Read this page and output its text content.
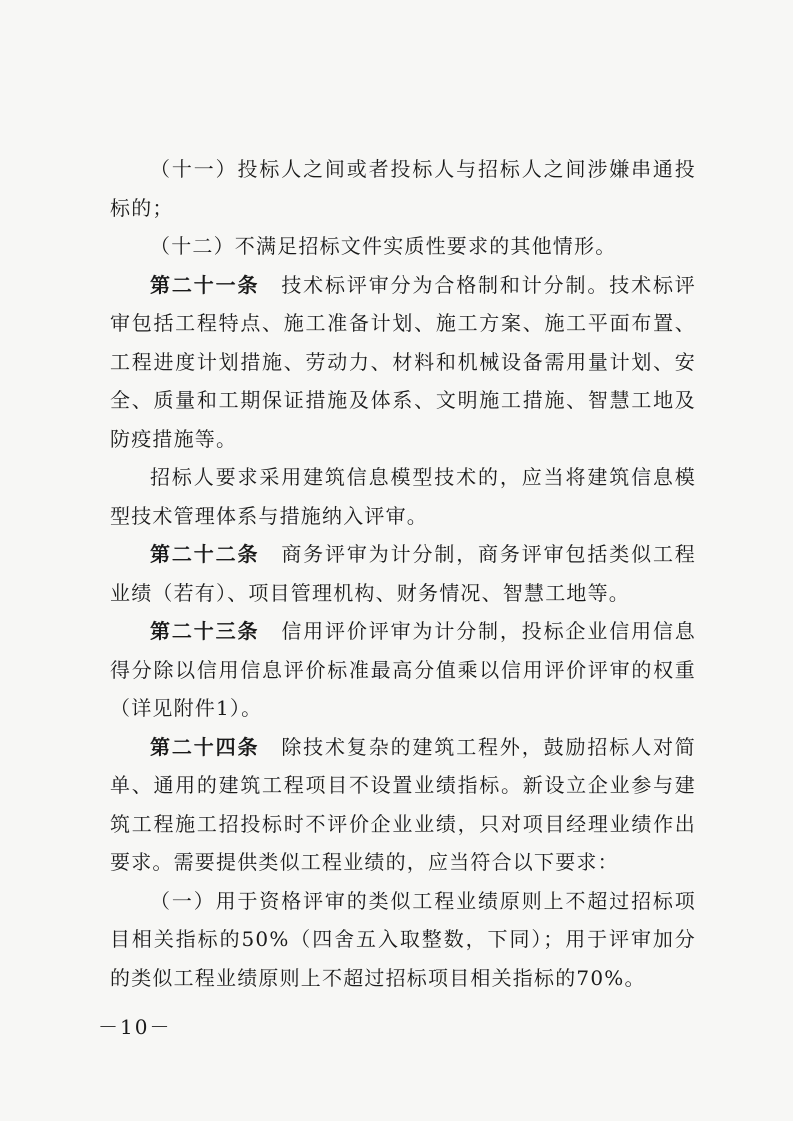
（十一）投标人之间或者投标人与招标人之间涉嫌串通投标的；

（十二）不满足招标文件实质性要求的其他情形。

第二十一条 技术标评审分为合格制和计分制。技术标评审包括工程特点、施工准备计划、施工方案、施工平面布置、工程进度计划措施、劳动力、材料和机械设备需用量计划、安全、质量和工期保证措施及体系、文明施工措施、智慧工地及防疫措施等。

招标人要求采用建筑信息模型技术的，应当将建筑信息模型技术管理体系与措施纳入评审。

第二十二条 商务评审为计分制，商务评审包括类似工程业绩（若有）、项目管理机构、财务情况、智慧工地等。

第二十三条 信用评价评审为计分制，投标企业信用信息得分除以信用信息评价标准最高分值乘以信用评价评审的权重（详见附件1）。

第二十四条 除技术复杂的建筑工程外，鼓励招标人对简单、通用的建筑工程项目不设置业绩指标。新设立企业参与建筑工程施工招投标时不评价企业业绩，只对项目经理业绩作出要求。需要提供类似工程业绩的，应当符合以下要求：

（一）用于资格评审的类似工程业绩原则上不超过招标项目相关指标的50%（四舍五入取整数，下同）；用于评审加分的类似工程业绩原则上不超过招标项目相关指标的70%。

－10－
